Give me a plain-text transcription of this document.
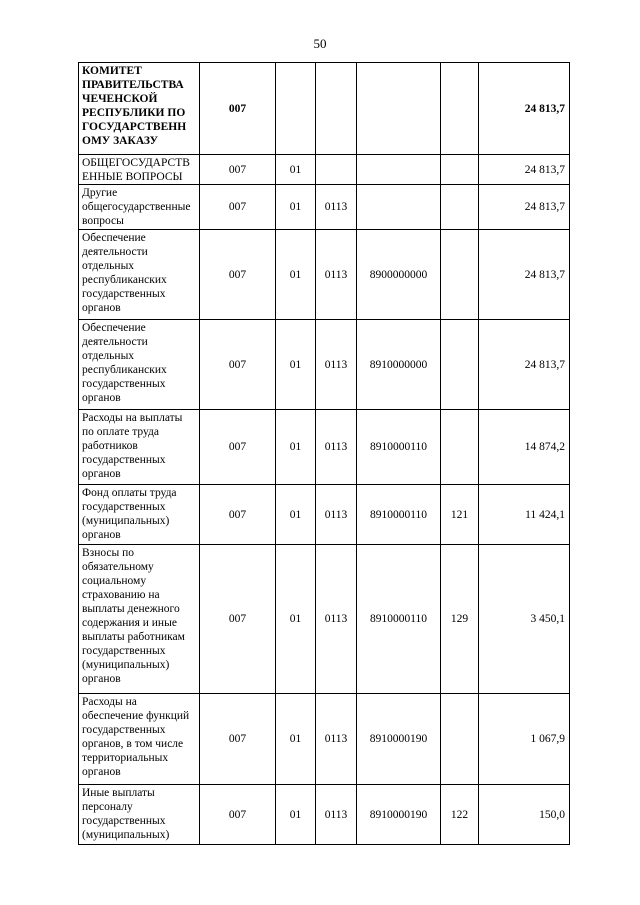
50
КОМИТЕТ ПРАВИТЕЛЬСТВА ЧЕЧЕНСКОЙ РЕСПУБЛИКИ ПО ГОСУДАРСТВЕНН ОМУ ЗАКАЗУ	007					24 813,7
ОБЩЕГОСУДАРСТВ ЕННЫЕ ВОПРОСЫ	007	01				24 813,7
Другие общегосударственные вопросы	007	01	0113			24 813,7
Обеспечение деятельности отдельных республиканских государственных органов	007	01	0113	8900000000		24 813,7
Обеспечение деятельности отдельных республиканских государственных органов	007	01	0113	8910000000		24 813,7
Расходы на выплаты по оплате труда работников государственных органов	007	01	0113	8910000110		14 874,2
Фонд оплаты труда государственных (муниципальных) органов	007	01	0113	8910000110	121	11 424,1
Взносы по обязательному социальному страхованию на выплаты денежного содержания и иные выплаты работникам государственных (муниципальных) органов	007	01	0113	8910000110	129	3 450,1
Расходы на обеспечение функций государственных органов, в том числе территориальных органов	007	01	0113	8910000190		1 067,9
Иные выплаты персоналу государственных (муниципальных)	007	01	0113	8910000190	122	150,0
